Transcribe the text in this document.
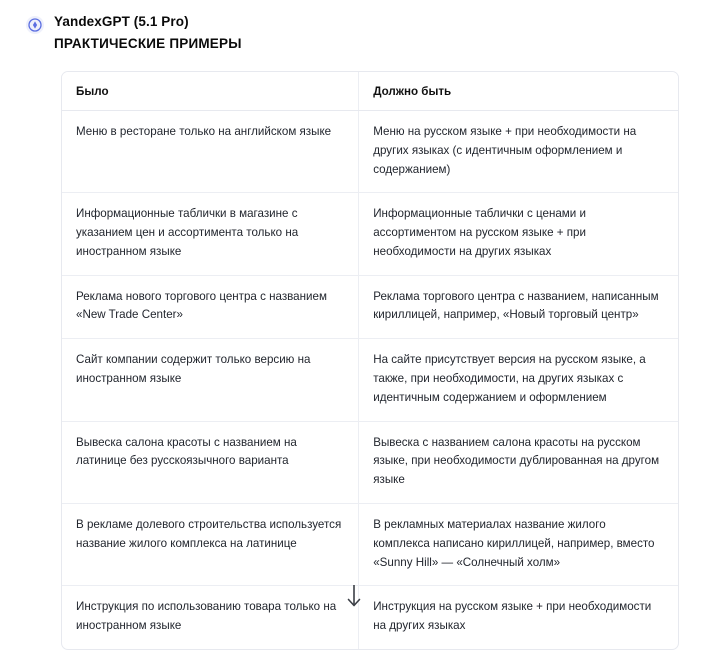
YandexGPT (5.1 Pro)
ПРАКТИЧЕСКИЕ ПРИМЕРЫ
Было	Должно быть
Меню в ресторане только на английском языке	Меню на русском языке + при необходимости на других языках (с идентичным оформлением и содержанием)
Информационные таблички в магазине с указанием цен и ассортимента только на иностранном языке	Информационные таблички с ценами и ассортиментом на русском языке + при необходимости на других языках
Реклама нового торгового центра с названием «New Trade Center»	Реклама торгового центра с названием, написанным кириллицей, например, «Новый торговый центр»
Сайт компании содержит только версию на иностранном языке	На сайте присутствует версия на русском языке, а также, при необходимости, на других языках с идентичным содержанием и оформлением
Вывеска салона красоты с названием на латинице без русскоязычного варианта	Вывеска с названием салона красоты на русском языке, при необходимости дублированная на другом языке
В рекламе долевого строительства используется название жилого комплекса на латинице	В рекламных материалах название жилого комплекса написано кириллицей, например, вместо «Sunny Hill» — «Солнечный холм»
Инструкция по использованию товара только на иностранном языке	Инструкция на русском языке + при необходимости на других языках
